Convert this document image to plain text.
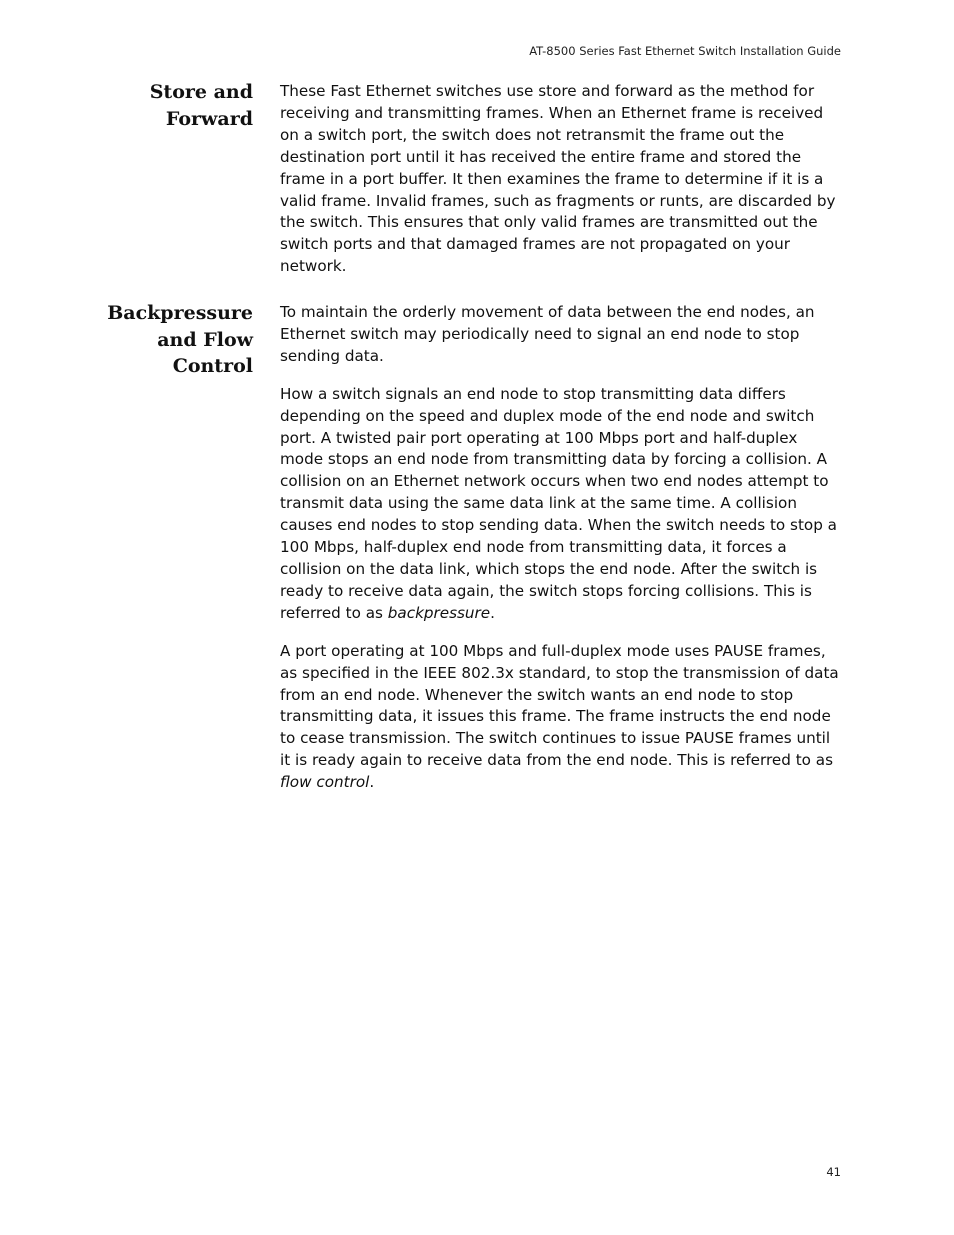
AT-8500 Series Fast Ethernet Switch Installation Guide
Store and
Forward
These Fast Ethernet switches use store and forward as the method for
receiving and transmitting frames. When an Ethernet frame is received
on a switch port, the switch does not retransmit the frame out the
destination port until it has received the entire frame and stored the
frame in a port buffer. It then examines the frame to determine if it is a
valid frame. Invalid frames, such as fragments or runts, are discarded by
the switch. This ensures that only valid frames are transmitted out the
switch ports and that damaged frames are not propagated on your
network.
Backpressure
and Flow
Control
To maintain the orderly movement of data between the end nodes, an
Ethernet switch may periodically need to signal an end node to stop
sending data.
How a switch signals an end node to stop transmitting data differs
depending on the speed and duplex mode of the end node and switch
port. A twisted pair port operating at 100 Mbps port and half-duplex
mode stops an end node from transmitting data by forcing a collision. A
collision on an Ethernet network occurs when two end nodes attempt to
transmit data using the same data link at the same time. A collision
causes end nodes to stop sending data. When the switch needs to stop a
100 Mbps, half-duplex end node from transmitting data, it forces a
collision on the data link, which stops the end node. After the switch is
ready to receive data again, the switch stops forcing collisions. This is
referred to as backpressure.
A port operating at 100 Mbps and full-duplex mode uses PAUSE frames,
as specified in the IEEE 802.3x standard, to stop the transmission of data
from an end node. Whenever the switch wants an end node to stop
transmitting data, it issues this frame. The frame instructs the end node
to cease transmission. The switch continues to issue PAUSE frames until
it is ready again to receive data from the end node. This is referred to as
flow control.
41
